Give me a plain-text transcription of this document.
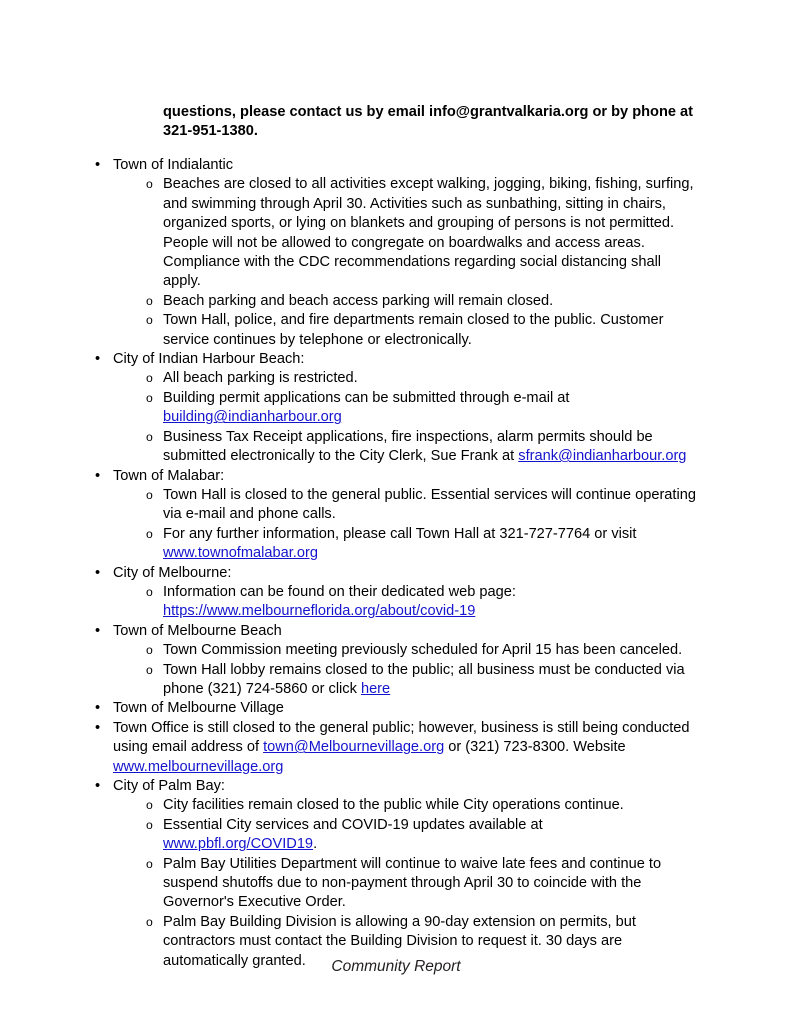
questions, please contact us by email info@grantvalkaria.org or by phone at 321-951-1380.

• Town of Indialantic

o Beaches are closed to all activities except walking, jogging, biking, fishing, surfing, and swimming through April 30. Activities such as sunbathing, sitting in chairs, organized sports, or lying on blankets and grouping of persons is not permitted. People will not be allowed to congregate on boardwalks and access areas. Compliance with the CDC recommendations regarding social distancing shall apply.

o Beach parking and beach access parking will remain closed.

o Town Hall, police, and fire departments remain closed to the public. Customer service continues by telephone or electronically.

• City of Indian Harbour Beach:

o All beach parking is restricted.

o Building permit applications can be submitted through e-mail at building@indianharbour.org

o Business Tax Receipt applications, fire inspections, alarm permits should be submitted electronically to the City Clerk, Sue Frank at sfrank@indianharbour.org

• Town of Malabar:

o Town Hall is closed to the general public. Essential services will continue operating via e-mail and phone calls.

o For any further information, please call Town Hall at 321-727-7764 or visit www.townofmalabar.org

• City of Melbourne:

o Information can be found on their dedicated web page: https://www.melbourneflorida.org/about/covid-19

• Town of Melbourne Beach

o Town Commission meeting previously scheduled for April 15 has been canceled.

o Town Hall lobby remains closed to the public; all business must be conducted via phone (321) 724-5860 or click here

• Town of Melbourne Village

• Town Office is still closed to the general public; however, business is still being conducted using email address of town@Melbournevillage.org or (321) 723-8300. Website www.melbournevillage.org

• City of Palm Bay:

o City facilities remain closed to the public while City operations continue.

o Essential City services and COVID-19 updates available at www.pbfl.org/COVID19.

o Palm Bay Utilities Department will continue to waive late fees and continue to suspend shutoffs due to non-payment through April 30 to coincide with the Governor's Executive Order.

o Palm Bay Building Division is allowing a 90-day extension on permits, but contractors must contact the Building Division to request it. 30 days are automatically granted.	Community Report
